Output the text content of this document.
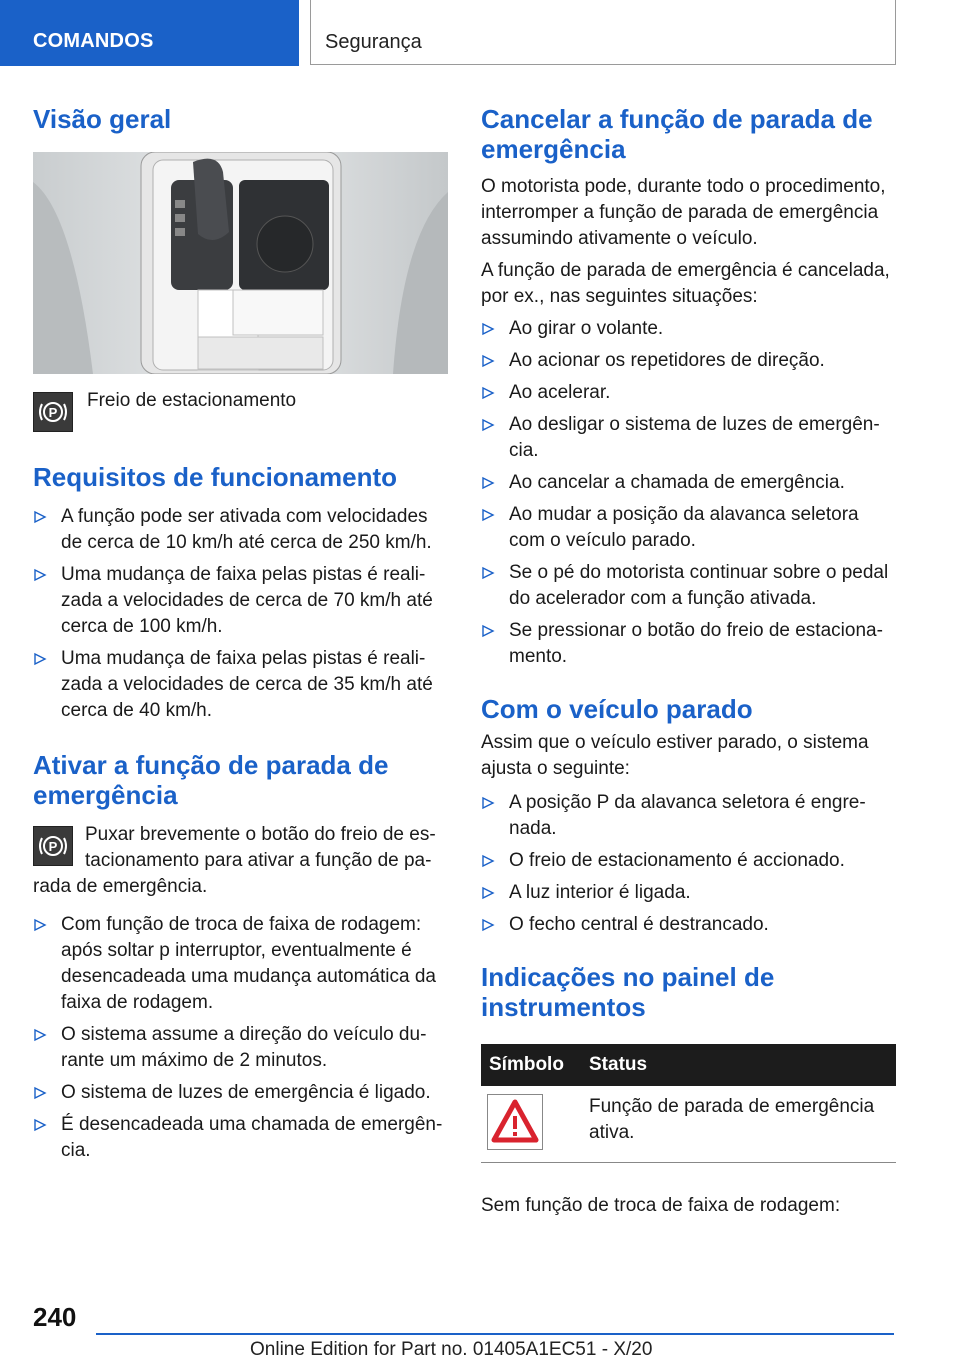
COMANDOS	Segurança
Visão geral
P

Freio de estacionamento

Requisitos de funcionamento
A função pode ser ativada com velocidades de cerca de 10 km/h até cerca de 250 km/h.
Uma mudança de faixa pelas pistas é realizada a velocidades de cerca de 70 km/h até cerca de 100 km/h.
Uma mudança de faixa pelas pistas é realizada a velocidades de cerca de 35 km/h até cerca de 40 km/h.
Ativar a função de parada de emergência
P

Puxar brevemente o botão do freio de estacionamento para ativar a função de parada de emergência.

Com função de troca de faixa de rodagem: após soltar p interruptor, eventualmente é desencadeada uma mudança automática da faixa de rodagem.
O sistema assume a direção do veículo durante um máximo de 2 minutos.
O sistema de luzes de emergência é ligado.
É desencadeada uma chamada de emergência.
Cancelar a função de parada de emergência

O motorista pode, durante todo o procedimento, interromper a função de parada de emergência assumindo ativamente o veículo.

A função de parada de emergência é cancelada, por ex., nas seguintes situações:

Ao girar o volante.
Ao acionar os repetidores de direção.
Ao acelerar.
Ao desligar o sistema de luzes de emergência.
Ao cancelar a chamada de emergência.
Ao mudar a posição da alavanca seletora com o veículo parado.
Se o pé do motorista continuar sobre o pedal do acelerador com a função ativada.
Se pressionar o botão do freio de estacionamento.
Com o veículo parado

Assim que o veículo estiver parado, o sistema ajusta o seguinte:

A posição P da alavanca seletora é engrenada.
O freio de estacionamento é accionado.
A luz interior é ligada.
O fecho central é destrancado.
Indicações no painel de instrumentos
Símbolo	Status

	Função de parada de emergência ativa.

Sem função de troca de faixa de rodagem:

240
Online Edition for Part no. 01405A1EC51 - X/20
